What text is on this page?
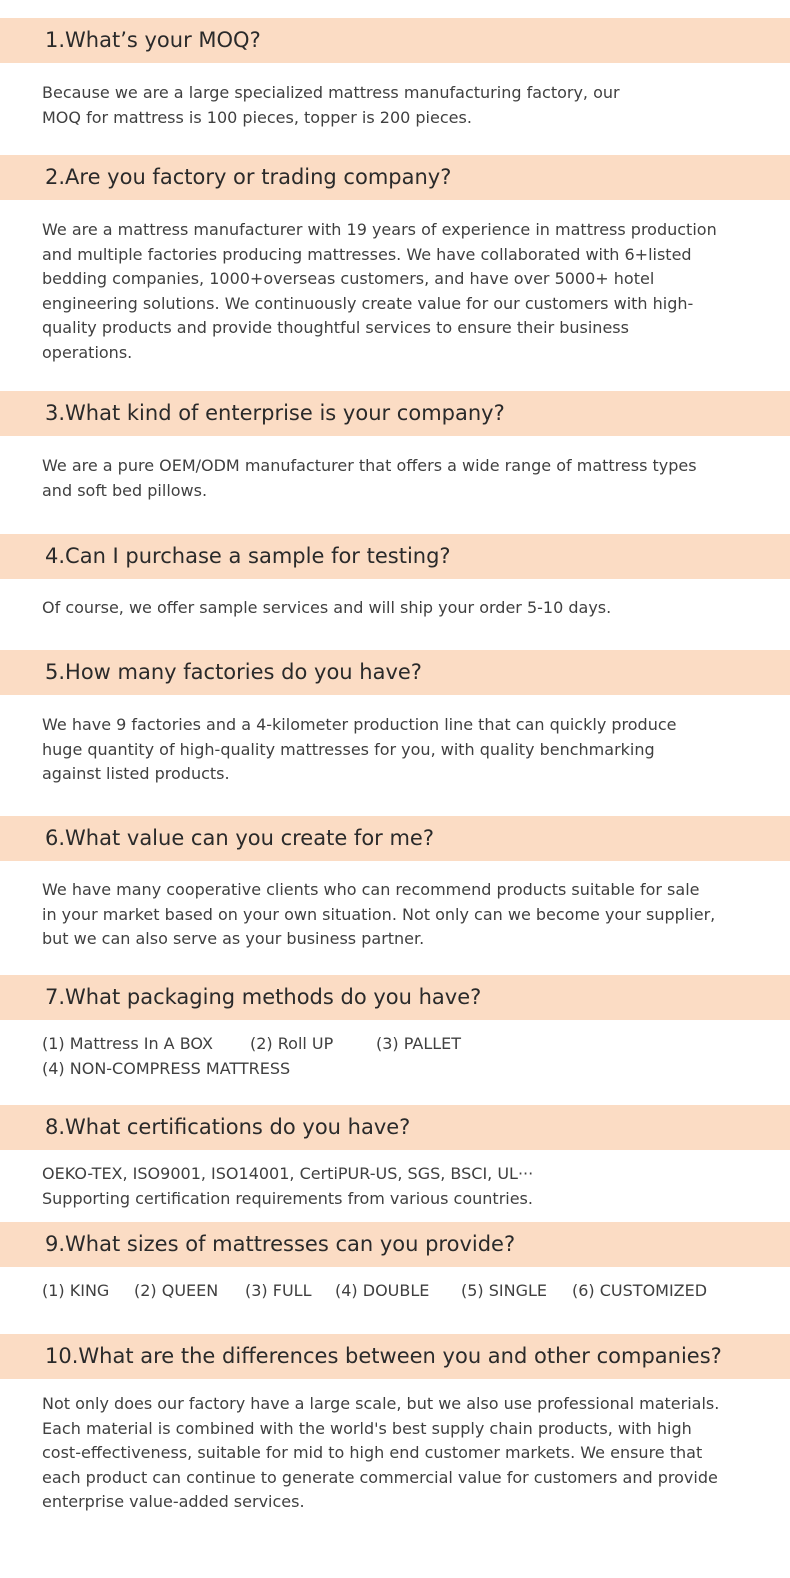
1.What’s your MOQ?
Because we are a large specialized mattress manufacturing factory, our
MOQ for mattress is 100 pieces, topper is 200 pieces.
2.Are you factory or trading company?
We are a mattress manufacturer with 19 years of experience in mattress production
and multiple factories producing mattresses. We have collaborated with 6+listed
bedding companies, 1000+overseas customers, and have over 5000+ hotel
engineering solutions. We continuously create value for our customers with high-
quality products and provide thoughtful services to ensure their business
operations.
3.What kind of enterprise is your company?
We are a pure OEM/ODM manufacturer that offers a wide range of mattress types
and soft bed pillows.
4.Can I purchase a sample for testing?
Of course, we offer sample services and will ship your order 5-10 days.
5.How many factories do you have?
We have 9 factories and a 4-kilometer production line that can quickly produce
huge quantity of high-quality mattresses for you, with quality benchmarking
against listed products.
6.What value can you create for me?
We have many cooperative clients who can recommend products suitable for sale
in your market based on your own situation. Not only can we become your supplier,
but we can also serve as your business partner.
7.What packaging methods do you have?
(1) Mattress In A BOX (2) Roll UP	(3) PALLET
(4) NON-COMPRESS MATTRESS
8.What certifications do you have?
OEKO-TEX, ISO9001, ISO14001, CertiPUR-US, SGS, BSCI, UL···
Supporting certification requirements from various countries.
9.What sizes of mattresses can you provide?
(1) KING (2) QUEEN (3) FULL (4) DOUBLE (5) SINGLE (6) CUSTOMIZED
10.What are the differences between you and other companies?
Not only does our factory have a large scale, but we also use professional materials.
Each material is combined with the world's best supply chain products, with high
cost-effectiveness, suitable for mid to high end customer markets. We ensure that
each product can continue to generate commercial value for customers and provide
enterprise value-added services.
